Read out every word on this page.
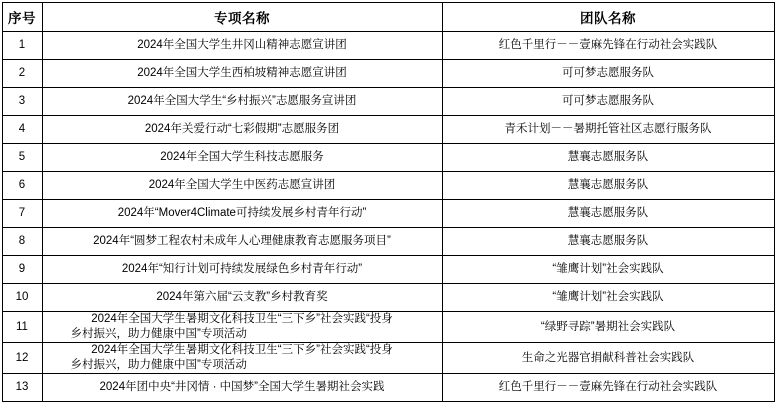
序号	专项名称	团队名称
1	2024年全国大学生井冈山精神志愿宣讲团	红色千里行－－壹麻先锋在行动社会实践队
2	2024年全国大学生西柏坡精神志愿宣讲团	可可梦志愿服务队
3	2024年全国大学生“乡村振兴”志愿服务宣讲团	可可梦志愿服务队
4	2024年关爱行动“七彩假期”志愿服务团	青禾计划－－暑期托管社区志愿行服务队
5	2024年全国大学生科技志愿服务	慧襄志愿服务队
6	2024年全国大学生中医药志愿宣讲团	慧襄志愿服务队
7	2024年“Mover4Climate可持续发展乡村青年行动”	慧襄志愿服务队
8	2024年“圆梦工程农村未成年人心理健康教育志愿服务项目”	慧襄志愿服务队
9	2024年“知行计划可持续发展绿色乡村青年行动”	“雏鹰计划”社会实践队
10	2024年第六届“云支教”乡村教育奖	“雏鹰计划”社会实践队
11	2024年全国大学生暑期文化科技卫生“三下乡”社会实践“投身
乡村振兴，助力健康中国”专项活动	“绿野寻踪”暑期社会实践队
12	2024年全国大学生暑期文化科技卫生“三下乡”社会实践“投身
乡村振兴，助力健康中国”专项活动	生命之光器官捐献科普社会实践队
13	2024年团中央“井冈情 · 中国梦”全国大学生暑期社会实践	红色千里行－－壹麻先锋在行动社会实践队
